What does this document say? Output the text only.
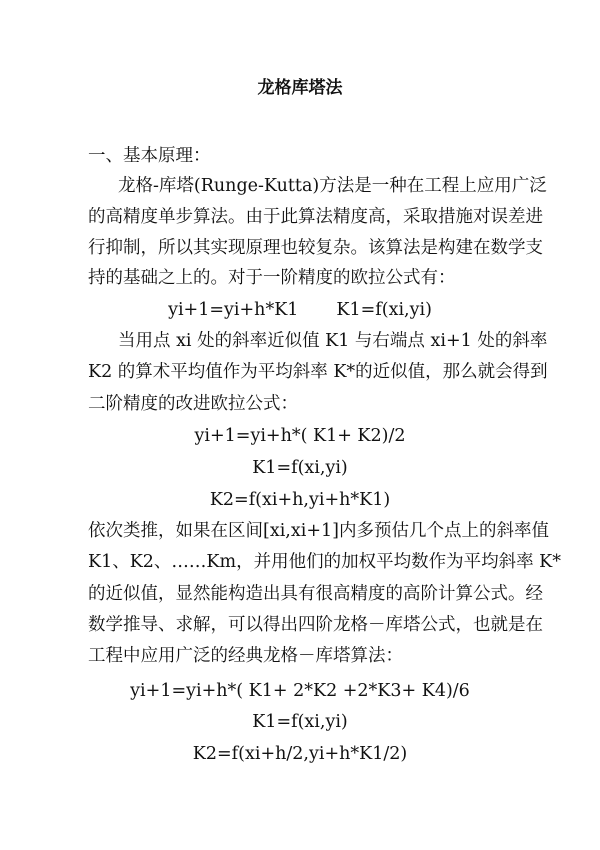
龙格库塔法
一、基本原理：
龙格-库塔(Runge-Kutta)方法是一种在工程上应用广泛
的高精度单步算法。由于此算法精度高，采取措施对误差进
行抑制，所以其实现原理也较复杂。该算法是构建在数学支
持的基础之上的。对于一阶精度的欧拉公式有：
yi+1=yi+h*K1 K1=f(xi,yi)
当用点 xi 处的斜率近似值 K1 与右端点 xi+1 处的斜率
K2 的算术平均值作为平均斜率 K*的近似值，那么就会得到
二阶精度的改进欧拉公式：
yi+1=yi+h*( K1+ K2)/2
K1=f(xi,yi)
K2=f(xi+h,yi+h*K1)
依次类推，如果在区间[xi,xi+1]内多预估几个点上的斜率值
K1、K2、……Km，并用他们的加权平均数作为平均斜率 K*
的近似值，显然能构造出具有很高精度的高阶计算公式。经
数学推导、求解，可以得出四阶龙格－库塔公式，也就是在
工程中应用广泛的经典龙格－库塔算法：
yi+1=yi+h*( K1+ 2*K2 +2*K3+ K4)/6
K1=f(xi,yi)
K2=f(xi+h/2,yi+h*K1/2)
